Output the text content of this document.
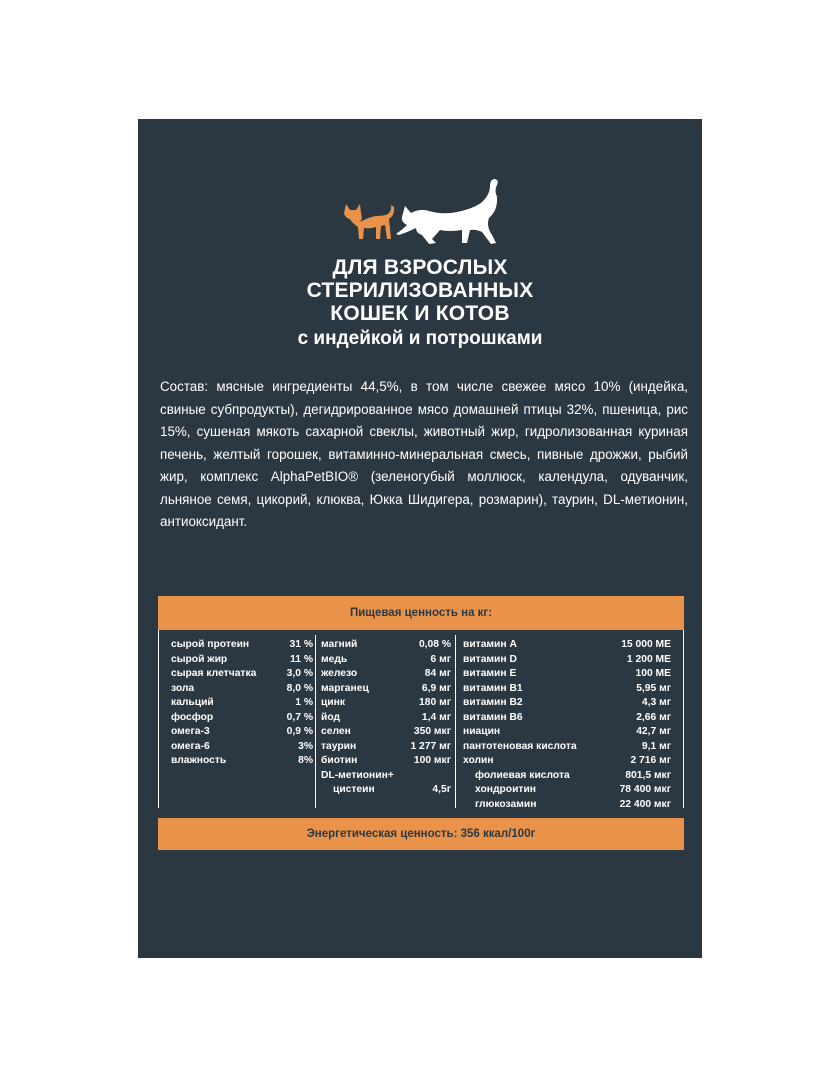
ДЛЯ ВЗРОСЛЫХ
СТЕРИЛИЗОВАННЫХ
КОШЕК И КОТОВ
с индейкой и потрошками
Состав: мясные ингредиенты 44,5%, в том числе свежее мясо 10% (индейка, свиные субпродукты), дегидрированное мясо домашней птицы 32%, пшеница, рис 15%, сушеная мякоть сахарной свеклы, животный жир, гидролизованная куриная печень, желтый горошек, витаминно-минеральная смесь, пивные дрожжи, рыбий жир, комплекс AlphaPetBIO® (зеленогубый моллюск, календула, одуванчик, льняное семя, цикорий, клюква, Юкка Шидигера, розмарин), таурин, DL-метионин, антиоксидант.
Пищевая ценность на кг:
сырой протеин	31 %
сырой жир	11 %
сырая клетчатка	3,0 %
зола	8,0 %
кальций	1 %
фосфор	0,7 %
омега-3	0,9 %
омега-6	3%
влажность	8%
магний	0,08 %
медь	6 мг
железо	84 мг
марганец	6,9 мг
цинк	180 мг
йод	1,4 мг
селен	350 мкг
таурин	1 277 мг
биотин	100 мкг
DL-метионин+
цистеин	4,5г
витамин А	15 000 МЕ
витамин D	1 200 МЕ
витамин Е	100 МЕ
витамин В1	5,95 мг
витамин В2	4,3 мг
витамин В6	2,66 мг
ниацин	42,7 мг
пантотеновая кислота	9,1 мг
холин	2 716 мг
фолиевая кислота	801,5 мкг
хондроитин	78 400 мкг
глюкозамин	22 400 мкг
Энергетическая ценность: 356 ккал/100г
